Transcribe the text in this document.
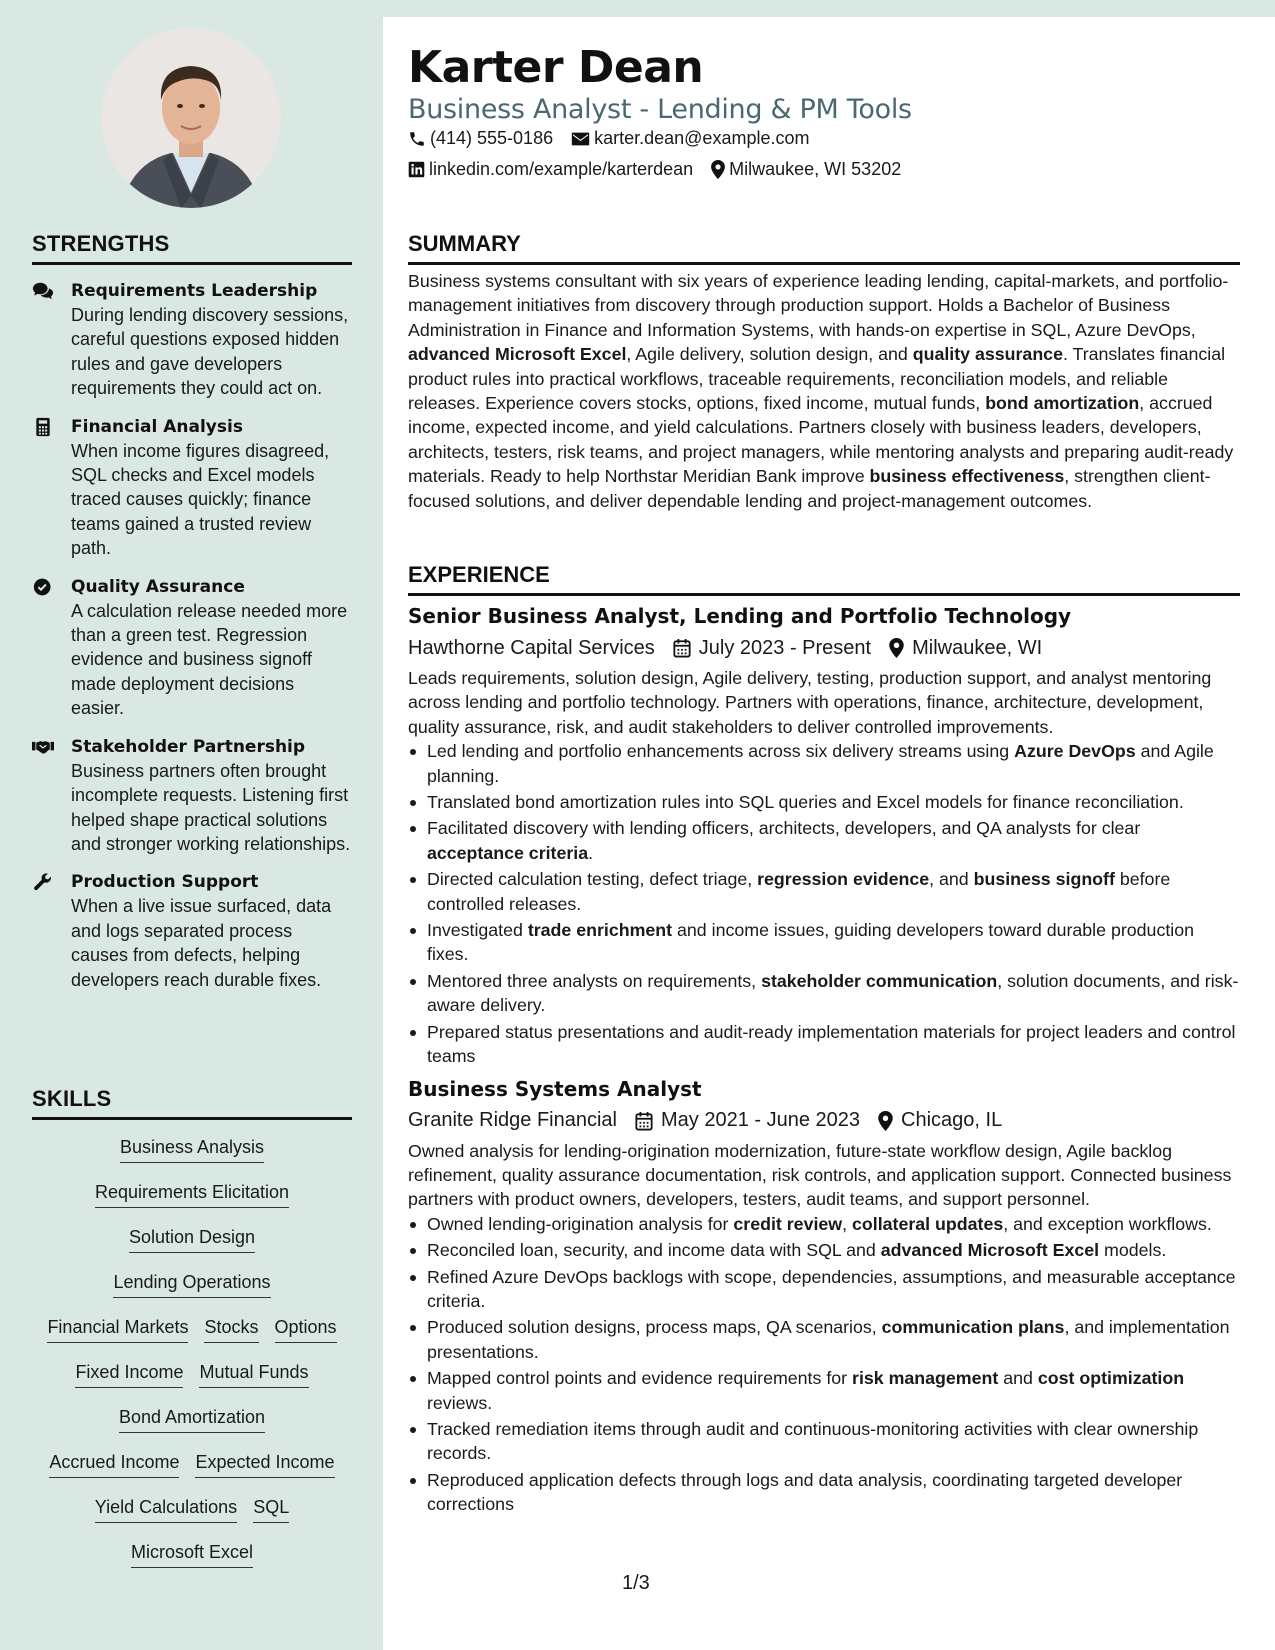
Karter Dean
Business Analyst - Lending & PM Tools
(414) 555-0186 karter.dean@example.com
linkedin.com/example/karterdean Milwaukee, WI 53202
STRENGTHS
Requirements Leadership
During lending discovery sessions, careful questions exposed hidden rules and gave developers requirements they could act on.
Financial Analysis
When income figures disagreed, SQL checks and Excel models traced causes quickly; finance teams gained a trusted review path.
Quality Assurance
A calculation release needed more than a green test. Regression evidence and business signoff made deployment decisions easier.
Stakeholder Partnership
Business partners often brought incomplete requests. Listening first helped shape practical solutions and stronger working relationships.
Production Support
When a live issue surfaced, data and logs separated process causes from defects, helping developers reach durable fixes.
SKILLS
Business Analysis
Requirements Elicitation
Solution Design
Lending Operations
Financial Markets Stocks Options
Fixed Income Mutual Funds
Bond Amortization
Accrued Income Expected Income
Yield Calculations SQL
Microsoft Excel
SUMMARY
Business systems consultant with six years of experience leading lending, capital-markets, and portfolio-management initiatives from discovery through production support. Holds a Bachelor of Business Administration in Finance and Information Systems, with hands-on expertise in SQL, Azure DevOps, advanced Microsoft Excel, Agile delivery, solution design, and quality assurance. Translates financial product rules into practical workflows, traceable requirements, reconciliation models, and reliable releases. Experience covers stocks, options, fixed income, mutual funds, bond amortization, accrued income, expected income, and yield calculations. Partners closely with business leaders, developers, architects, testers, risk teams, and project managers, while mentoring analysts and preparing audit-ready materials. Ready to help Northstar Meridian Bank improve business effectiveness, strengthen client-focused solutions, and deliver dependable lending and project-management outcomes.
EXPERIENCE
Senior Business Analyst, Lending and Portfolio Technology
Hawthorne Capital Services July 2023 - Present Milwaukee, WI
Leads requirements, solution design, Agile delivery, testing, production support, and analyst mentoring across lending and portfolio technology. Partners with operations, finance, architecture, development, quality assurance, risk, and audit stakeholders to deliver controlled improvements.
Led lending and portfolio enhancements across six delivery streams using Azure DevOps and Agile planning.
Translated bond amortization rules into SQL queries and Excel models for finance reconciliation.
Facilitated discovery with lending officers, architects, developers, and QA analysts for clear acceptance criteria.
Directed calculation testing, defect triage, regression evidence, and business signoff before controlled releases.
Investigated trade enrichment and income issues, guiding developers toward durable production fixes.
Mentored three analysts on requirements, stakeholder communication, solution documents, and risk-aware delivery.
Prepared status presentations and audit-ready implementation materials for project leaders and control teams
Business Systems Analyst
Granite Ridge Financial May 2021 - June 2023 Chicago, IL
Owned analysis for lending-origination modernization, future-state workflow design, Agile backlog refinement, quality assurance documentation, risk controls, and application support. Connected business partners with product owners, developers, testers, audit teams, and support personnel.
Owned lending-origination analysis for credit review, collateral updates, and exception workflows.
Reconciled loan, security, and income data with SQL and advanced Microsoft Excel models.
Refined Azure DevOps backlogs with scope, dependencies, assumptions, and measurable acceptance criteria.
Produced solution designs, process maps, QA scenarios, communication plans, and implementation presentations.
Mapped control points and evidence requirements for risk management and cost optimization reviews.
Tracked remediation items through audit and continuous-monitoring activities with clear ownership records.
Reproduced application defects through logs and data analysis, coordinating targeted developer corrections
1/3
